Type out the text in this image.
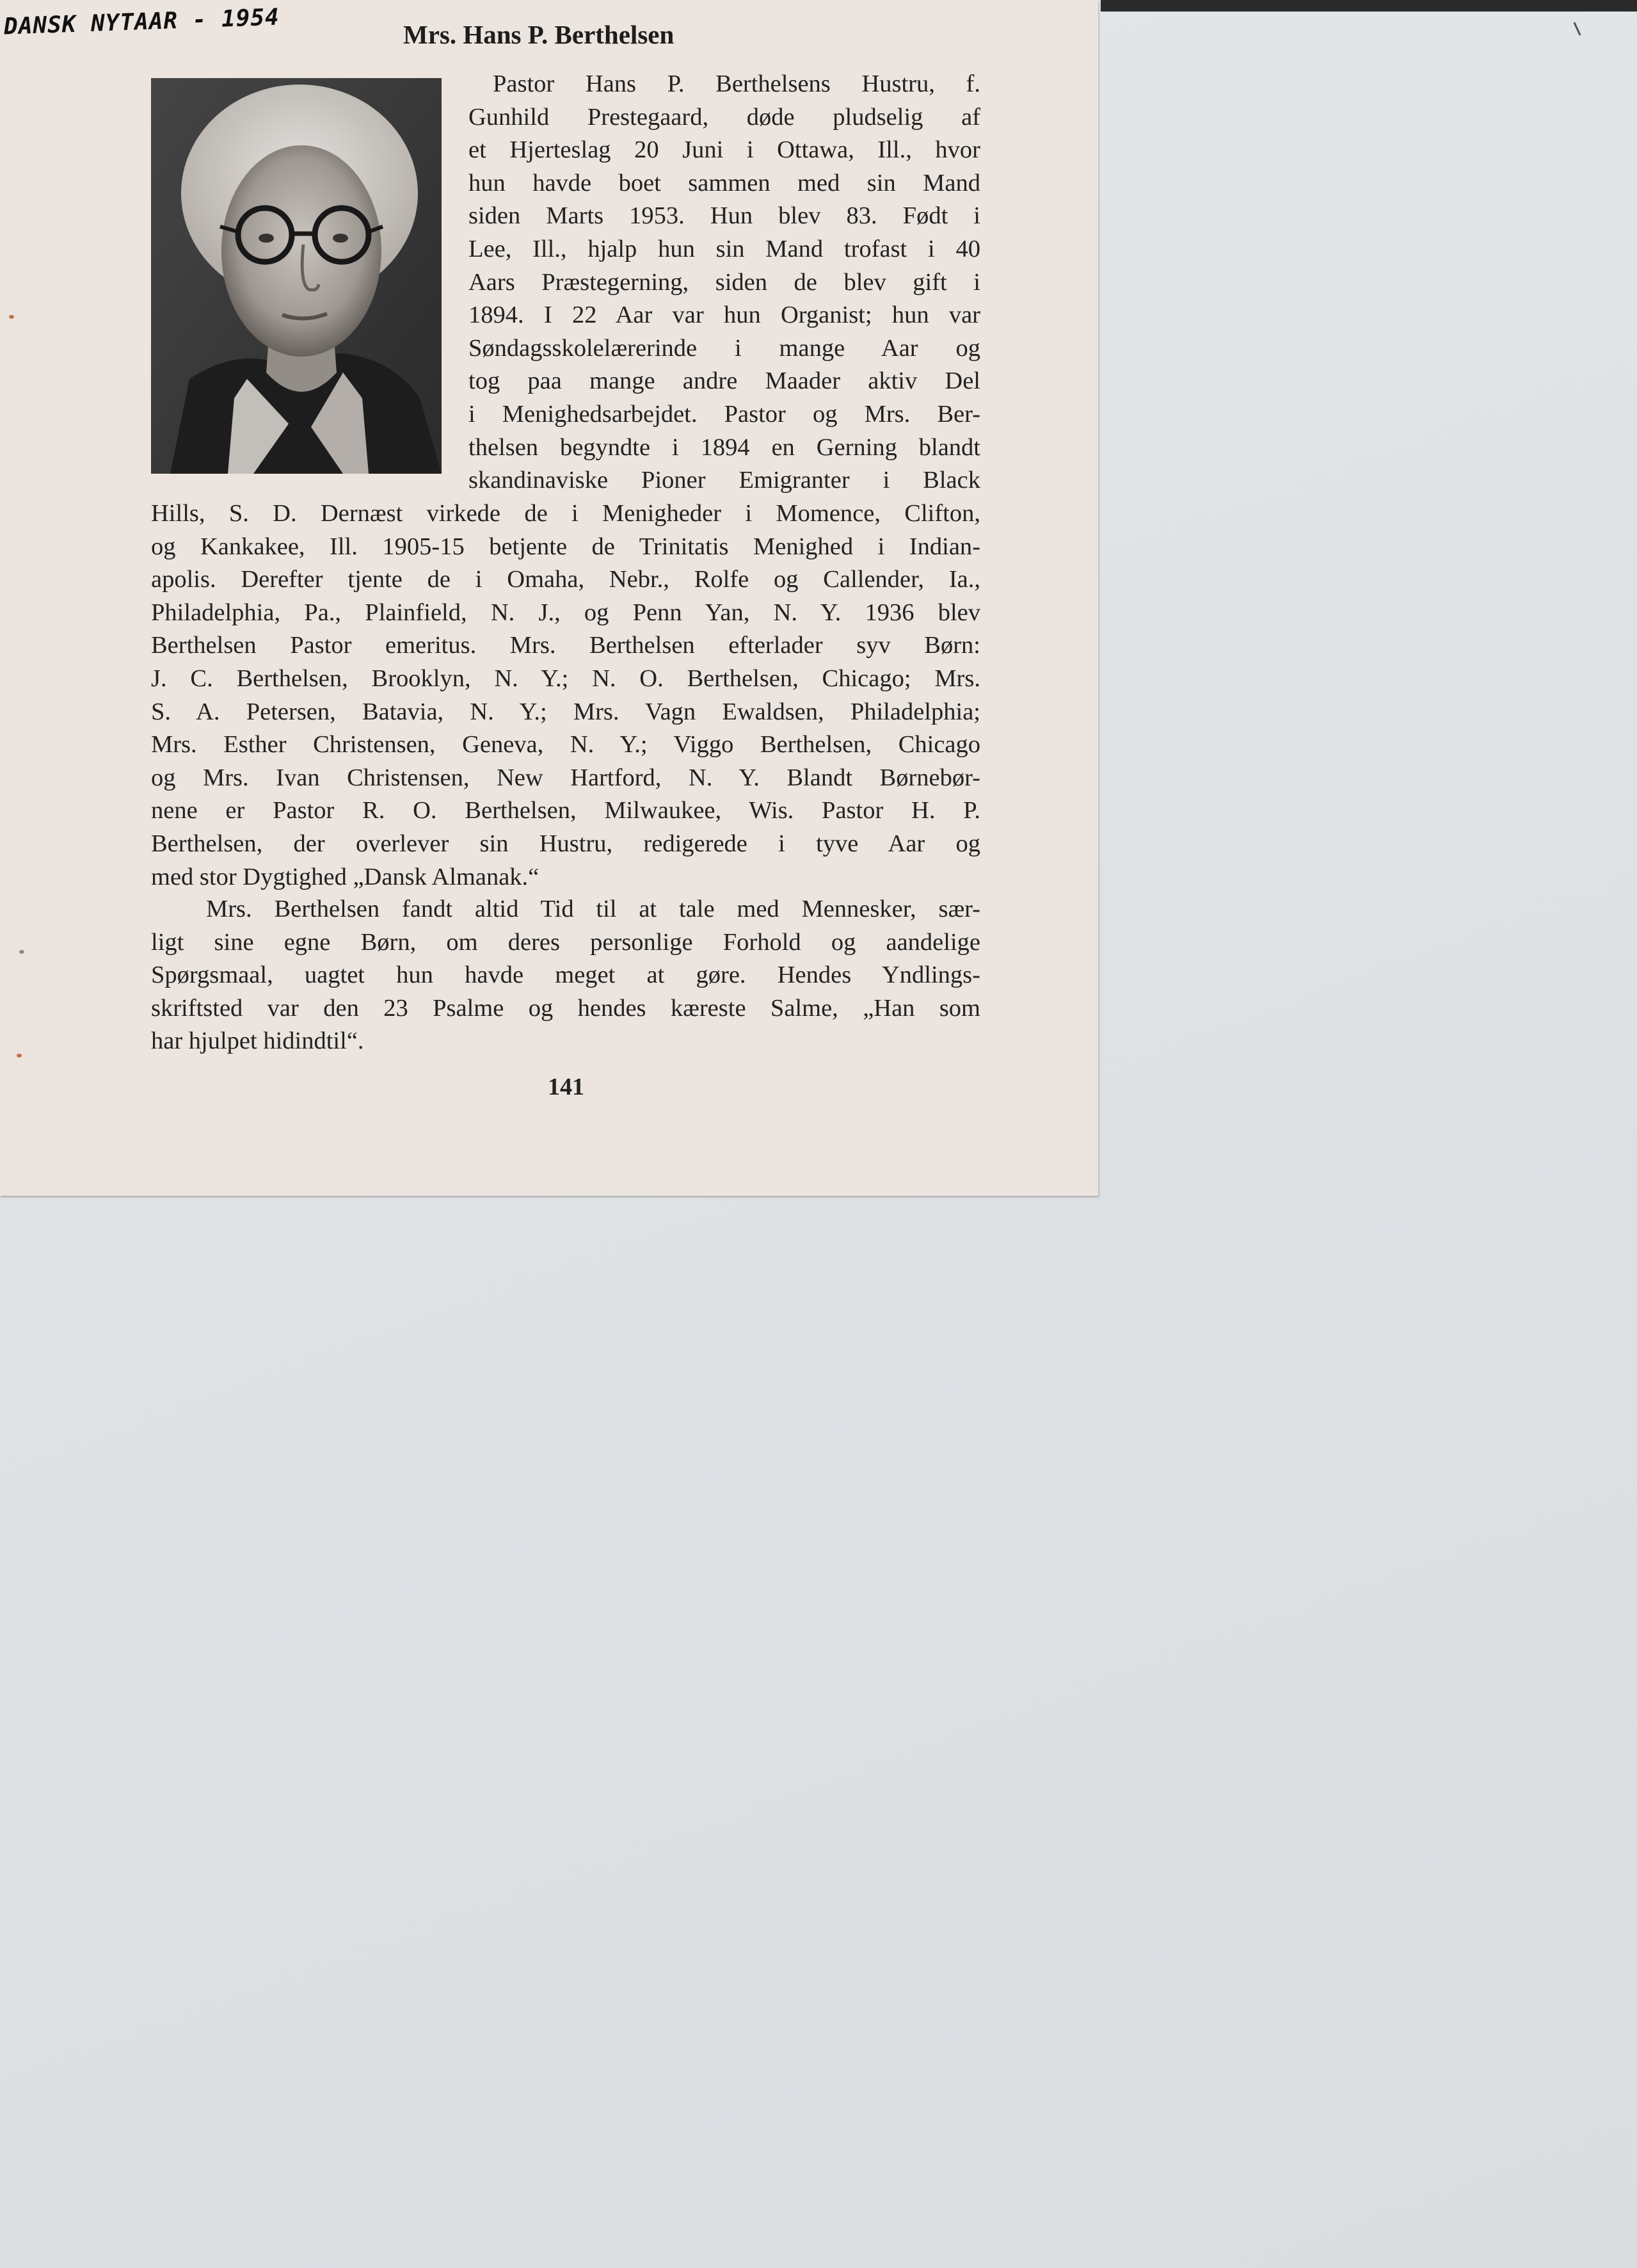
DANSK NYTAAR - 1954	Mrs. Hans P. Berthelsen
Pastor Hans P. Berthelsens Hustru, f.
Gunhild Prestegaard, døde pludselig af
et Hjerteslag 20 Juni i Ottawa, Ill., hvor
hun havde boet sammen med sin Mand
siden Marts 1953. Hun blev 83. Født i
Lee, Ill., hjalp hun sin Mand trofast i 40
Aars Præstegerning, siden de blev gift i
1894. I 22 Aar var hun Organist; hun var
Søndagsskolelærerinde i mange Aar og
tog paa mange andre Maader aktiv Del
i Menighedsarbejdet. Pastor og Mrs. Ber-
thelsen begyndte i 1894 en Gerning blandt
skandinaviske Pioner Emigranter i Black
Hills, S. D. Dernæst virkede de i Menigheder i Momence, Clifton,
og Kankakee, Ill. 1905-15 betjente de Trinitatis Menighed i Indian-
apolis. Derefter tjente de i Omaha, Nebr., Rolfe og Callender, Ia.,
Philadelphia, Pa., Plainfield, N. J., og Penn Yan, N. Y. 1936 blev
Berthelsen Pastor emeritus. Mrs. Berthelsen efterlader syv Børn:
J. C. Berthelsen, Brooklyn, N. Y.; N. O. Berthelsen, Chicago; Mrs.
S. A. Petersen, Batavia, N. Y.; Mrs. Vagn Ewaldsen, Philadelphia;
Mrs. Esther Christensen, Geneva, N. Y.; Viggo Berthelsen, Chicago
og Mrs. Ivan Christensen, New Hartford, N. Y. Blandt Børnebør-
nene er Pastor R. O. Berthelsen, Milwaukee, Wis. Pastor H. P.
Berthelsen, der overlever sin Hustru, redigerede i tyve Aar og
med stor Dygtighed „Dansk Almanak.“
Mrs. Berthelsen fandt altid Tid til at tale med Mennesker, sær-
ligt sine egne Børn, om deres personlige Forhold og aandelige
Spørgsmaal, uagtet hun havde meget at gøre. Hendes Yndlings-
skriftsted var den 23 Psalme og hendes kæreste Salme, „Han som
har hjulpet hidindtil“.
141
